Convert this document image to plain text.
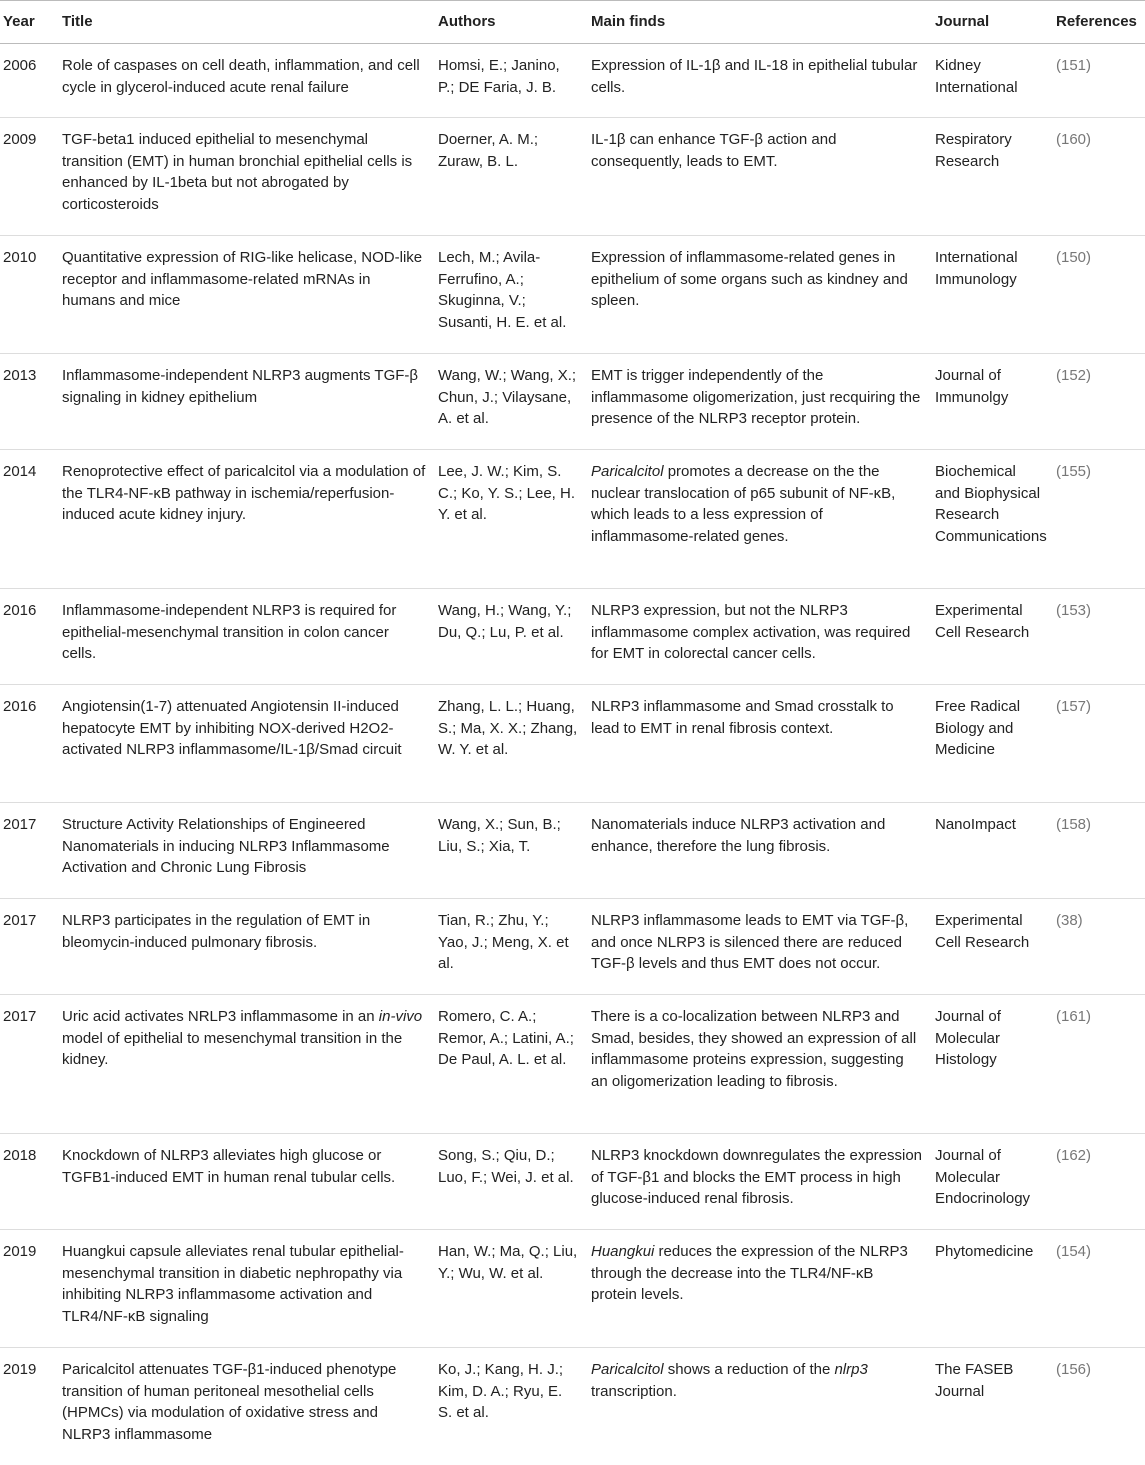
Year	Title	Authors	Main finds	Journal	References

2006	Role of caspases on cell death, inflammation, and cell cycle in glycerol-induced acute renal failure	Homsi, E.; Janino, P.; DE Faria, J. B.	Expression of IL-1β and IL-18 in epithelial tubular cells.	Kidney International	(151)

2009	TGF-beta1 induced epithelial to mesenchymal transition (EMT) in human bronchial epithelial cells is enhanced by IL-1beta but not abrogated by corticosteroids	Doerner, A. M.; Zuraw, B. L.	IL-1β can enhance TGF-β action and consequently, leads to EMT.	Respiratory Research	(160)

2010	Quantitative expression of RIG-like helicase, NOD-like receptor and inflammasome-related mRNAs in humans and mice	Lech, M.; Avila-Ferrufino, A.; Skuginna, V.; Susanti, H. E. et al.	Expression of inflammasome-related genes in epithelium of some organs such as kindney and spleen.	International Immunology	(150)

2013	Inflammasome-independent NLRP3 augments TGF-β signaling in kidney epithelium	Wang, W.; Wang, X.; Chun, J.; Vilaysane, A. et al.	EMT is trigger independently of the inflammasome oligomerization, just recquiring the presence of the NLRP3 receptor protein.	Journal of Immunolgy	(152)

2014	Renoprotective effect of paricalcitol via a modulation of the TLR4-NF-κB pathway in ischemia/reperfusion-induced acute kidney injury.	Lee, J. W.; Kim, S. C.; Ko, Y. S.; Lee, H. Y. et al.	Paricalcitol promotes a decrease on the the nuclear translocation of p65 subunit of NF-κB, which leads to a less expression of inflammasome-related genes.	Biochemical and Biophysical Research Communications	(155)

2016	Inflammasome-independent NLRP3 is required for epithelial-mesenchymal transition in colon cancer cells.	Wang, H.; Wang, Y.; Du, Q.; Lu, P. et al.	NLRP3 expression, but not the NLRP3 inflammasome complex activation, was required for EMT in colorectal cancer cells.	Experimental Cell Research	(153)

2016	Angiotensin(1-7) attenuated Angiotensin II-induced hepatocyte EMT by inhibiting NOX-derived H2O2-activated NLRP3 inflammasome/IL-1β/Smad circuit	Zhang, L. L.; Huang, S.; Ma, X. X.; Zhang, W. Y. et al.	NLRP3 inflammasome and Smad crosstalk to lead to EMT in renal fibrosis context.	Free Radical Biology and Medicine	(157)

2017	Structure Activity Relationships of Engineered Nanomaterials in inducing NLRP3 Inflammasome Activation and Chronic Lung Fibrosis	Wang, X.; Sun, B.; Liu, S.; Xia, T.	Nanomaterials induce NLRP3 activation and enhance, therefore the lung fibrosis.	NanoImpact	(158)

2017	NLRP3 participates in the regulation of EMT in bleomycin-induced pulmonary fibrosis.	Tian, R.; Zhu, Y.; Yao, J.; Meng, X. et al.	NLRP3 inflammasome leads to EMT via TGF-β, and once NLRP3 is silenced there are reduced TGF-β levels and thus EMT does not occur.	Experimental Cell Research	(38)

2017	Uric acid activates NRLP3 inflammasome in an in-vivo model of epithelial to mesenchymal transition in the kidney.	Romero, C. A.; Remor, A.; Latini, A.; De Paul, A. L. et al.	There is a co-localization between NLRP3 and Smad, besides, they showed an expression of all inflammasome proteins expression, suggesting an oligomerization leading to fibrosis.	Journal of Molecular Histology	(161)

2018	Knockdown of NLRP3 alleviates high glucose or TGFB1-induced EMT in human renal tubular cells.	Song, S.; Qiu, D.; Luo, F.; Wei, J. et al.	NLRP3 knockdown downregulates the expression of TGF-β1 and blocks the EMT process in high glucose-induced renal fibrosis.	Journal of Molecular Endocrinology	(162)

2019	Huangkui capsule alleviates renal tubular epithelial-mesenchymal transition in diabetic nephropathy via inhibiting NLRP3 inflammasome activation and TLR4/NF-κB signaling	Han, W.; Ma, Q.; Liu, Y.; Wu, W. et al.	Huangkui reduces the expression of the NLRP3 through the decrease into the TLR4/NF-κB protein levels.	Phytomedicine	(154)

2019	Paricalcitol attenuates TGF-β1-induced phenotype transition of human peritoneal mesothelial cells (HPMCs) via modulation of oxidative stress and NLRP3 inflammasome	Ko, J.; Kang, H. J.; Kim, D. A.; Ryu, E. S. et al.	Paricalcitol shows a reduction of the nlrp3 transcription.	The FASEB Journal	(156)
